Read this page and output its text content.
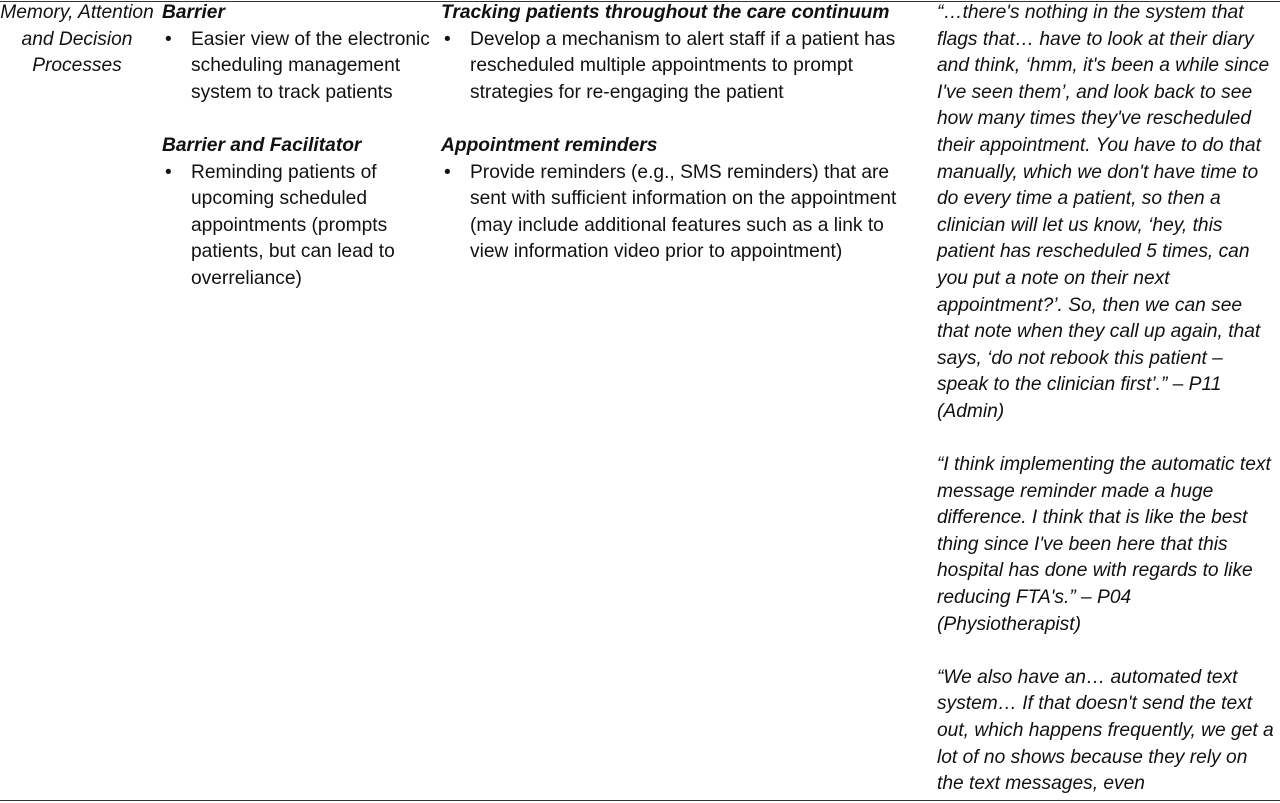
Memory, Attention and Decision Processes
Barrier
• Easier view of the electronic scheduling management system to track patients
Barrier and Facilitator
• Reminding patients of upcoming scheduled appointments (prompts patients, but can lead to overreliance)
Tracking patients throughout the care continuum
• Develop a mechanism to alert staff if a patient has rescheduled multiple appointments to prompt strategies for re-engaging the patient
Appointment reminders
• Provide reminders (e.g., SMS reminders) that are sent with sufficient information on the appointment (may include additional features such as a link to view information video prior to appointment)

“…there's nothing in the system that flags that… have to look at their diary and think, ‘hmm, it's been a while since I've seen them’, and look back to see how many times they've rescheduled their appointment. You have to do that manually, which we don't have time to do every time a patient, so then a clinician will let us know, ‘hey, this patient has rescheduled 5 times, can you put a note on their next appointment?’. So, then we can see that note when they call up again, that says, ‘do not rebook this patient – speak to the clinician first’.” – P11 (Admin)

“I think implementing the automatic text message reminder made a huge difference. I think that is like the best thing since I've been here that this hospital has done with regards to like reducing FTA's.” – P04 (Physiotherapist)

“We also have an… automated text system… If that doesn't send the text out, which happens frequently, we get a lot of no shows because they rely on the text messages, even
